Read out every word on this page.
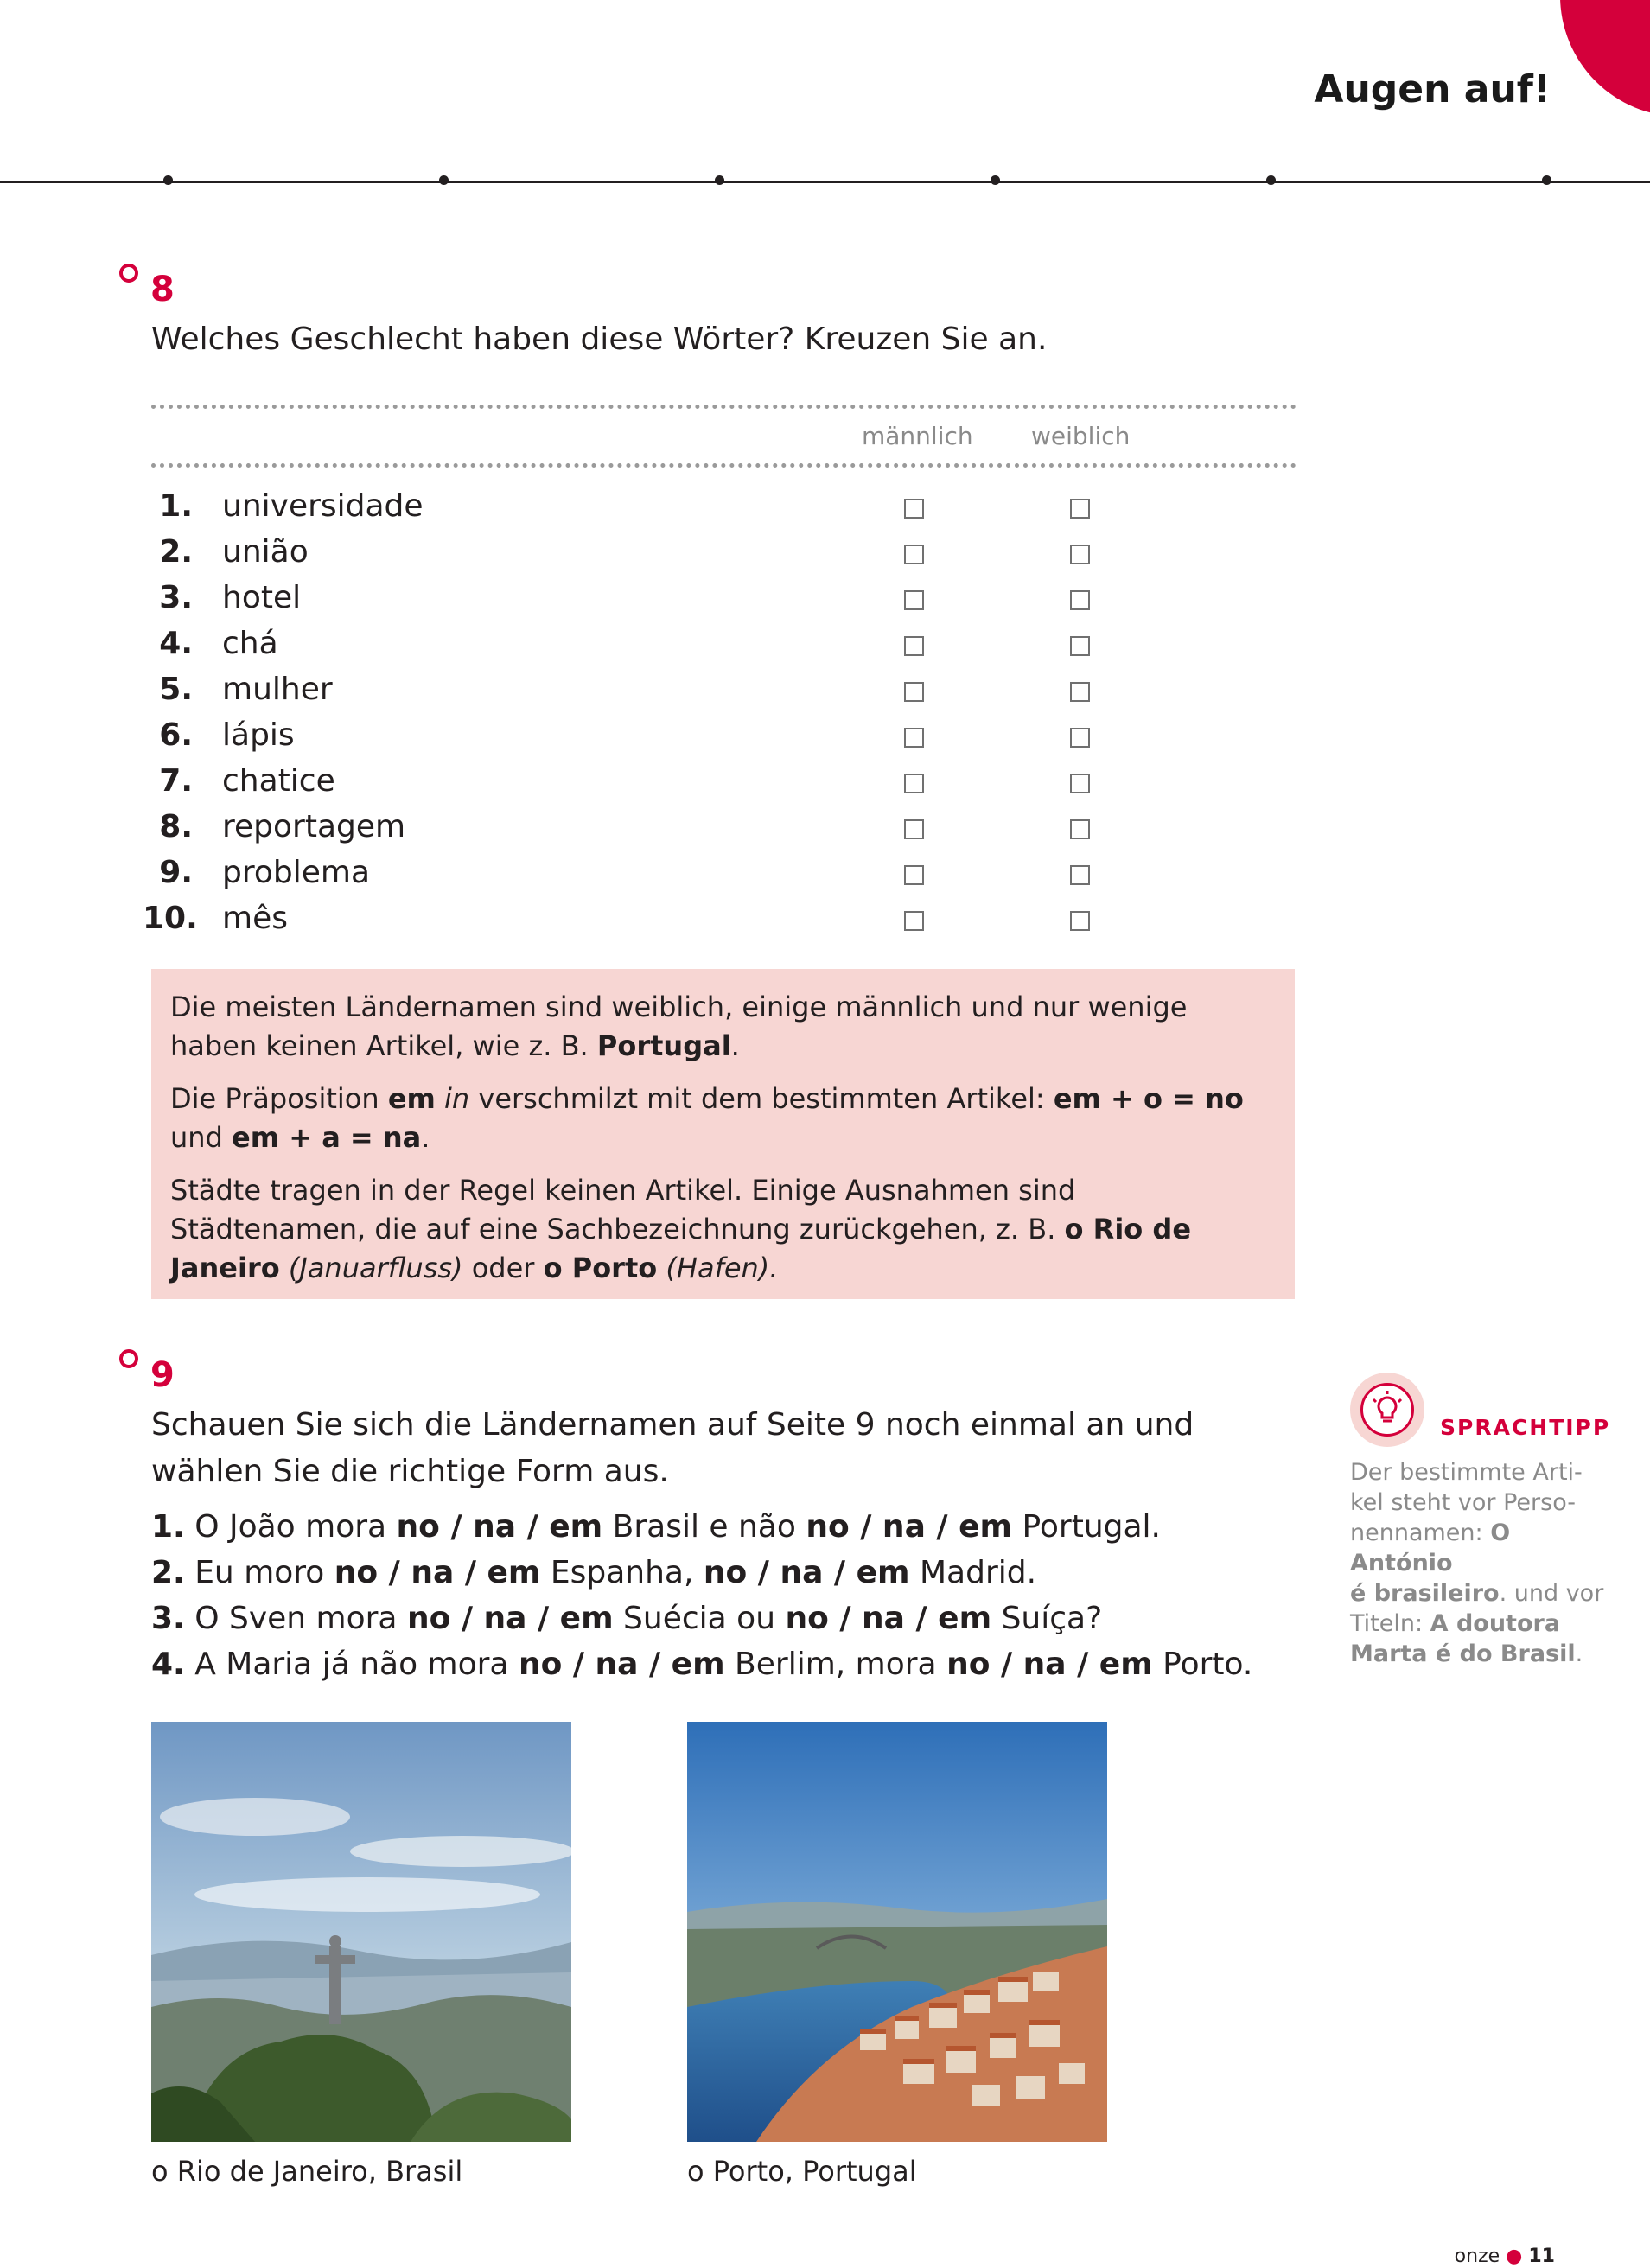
Augen auf!
8
Welches Geschlecht haben diese Wörter? Kreuzen Sie an.
männlich weiblich
1. universidade
2. união
3. hotel
4. chá
5. mulher
6. lápis
7. chatice
8. reportagem
9. problema
10. mês

Die meisten Ländernamen sind weiblich, einige männlich und nur wenige haben keinen Artikel, wie z. B. Portugal.

Die Präposition em in verschmilzt mit dem bestimmten Artikel: em + o = no und em + a = na.

Städte tragen in der Regel keinen Artikel. Einige Ausnahmen sind Städtenamen, die auf eine Sachbezeichnung zurückgehen, z. B. o Rio de Janeiro (Januarfluss) oder o Porto (Hafen).

9
Schauen Sie sich die Ländernamen auf Seite 9 noch einmal an und wählen Sie die richtige Form aus.
1. O João mora no / na / em Brasil e não no / na / em Portugal.
2. Eu moro no / na / em Espanha, no / na / em Madrid.
3. O Sven mora no / na / em Suécia ou no / na / em Suíça?
4. A Maria já não mora no / na / em Berlim, mora no / na / em Porto.
SPRACHTIPP
Der bestimmte Arti-
kel steht vor Perso-
nennamen: O António
é brasileiro. und vor
Titeln: A doutora
Marta é do Brasil.
o Rio de Janeiro, Brasil	o Porto, Portugal
onze ● 11
